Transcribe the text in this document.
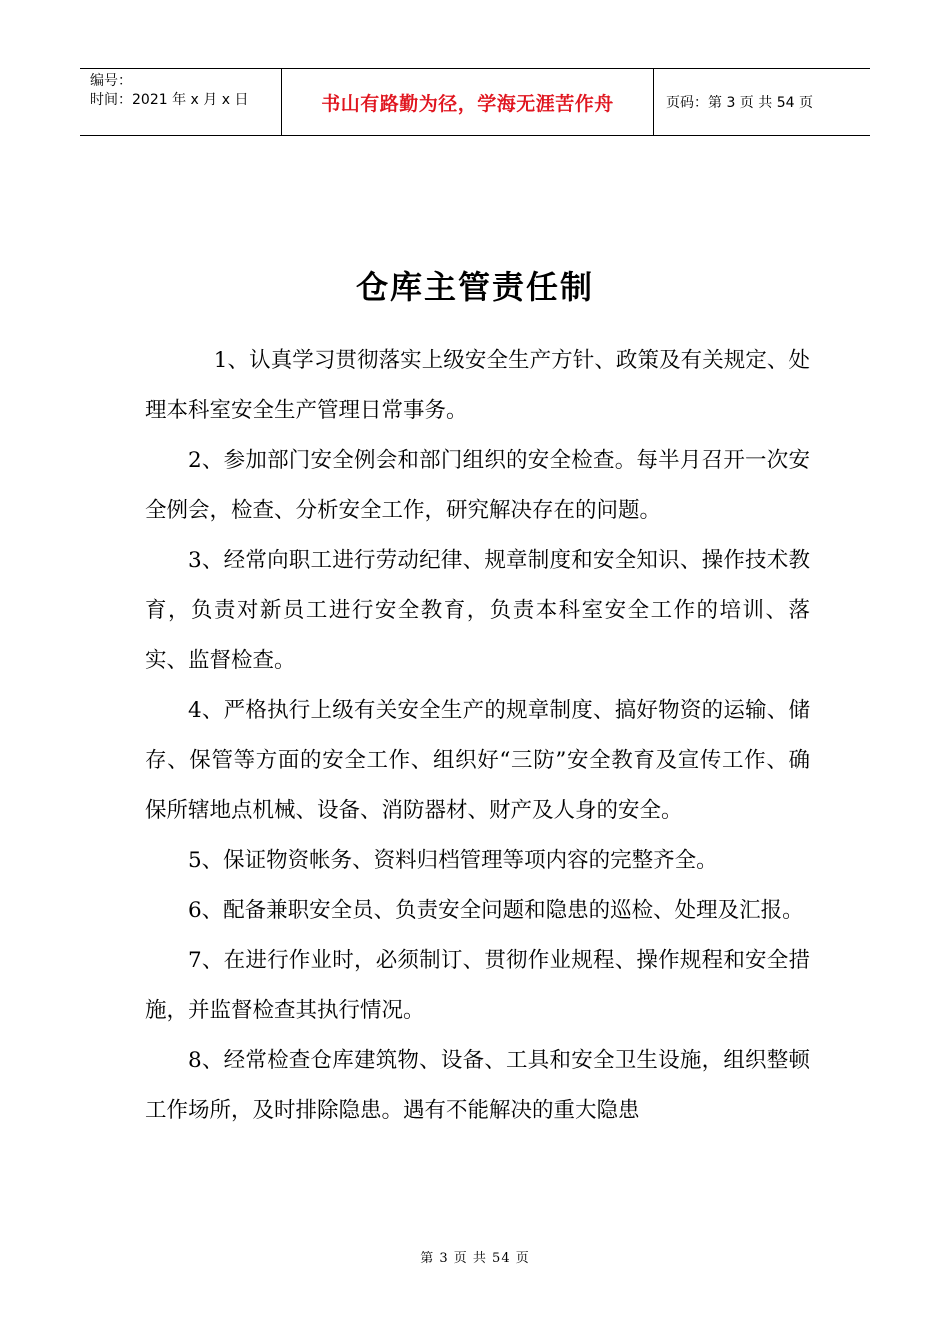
编号：
时间：2021 年 x 月 x 日	书山有路勤为径，学海无涯苦作舟	页码：第 3 页 共 54 页
仓库主管责任制

1、认真学习贯彻落实上级安全生产方针、政策及有关规定、处理本科室安全生产管理日常事务。

2、参加部门安全例会和部门组织的安全检查。每半月召开一次安全例会，检查、分析安全工作，研究解决存在的问题。

3、经常向职工进行劳动纪律、规章制度和安全知识、操作技术教育，负责对新员工进行安全教育，负责本科室安全工作的培训、落实、监督检查。

4、严格执行上级有关安全生产的规章制度、搞好物资的运输、储存、保管等方面的安全工作、组织好“三防”安全教育及宣传工作、确保所辖地点机械、设备、消防器材、财产及人身的安全。

5、保证物资帐务、资料归档管理等项内容的完整齐全。

6、配备兼职安全员、负责安全问题和隐患的巡检、处理及汇报。

7、在进行作业时，必须制订、贯彻作业规程、操作规程和安全措施，并监督检查其执行情况。

8、经常检查仓库建筑物、设备、工具和安全卫生设施，组织整顿工作场所，及时排除隐患。遇有不能解决的重大隐患

第 3 页 共 54 页
